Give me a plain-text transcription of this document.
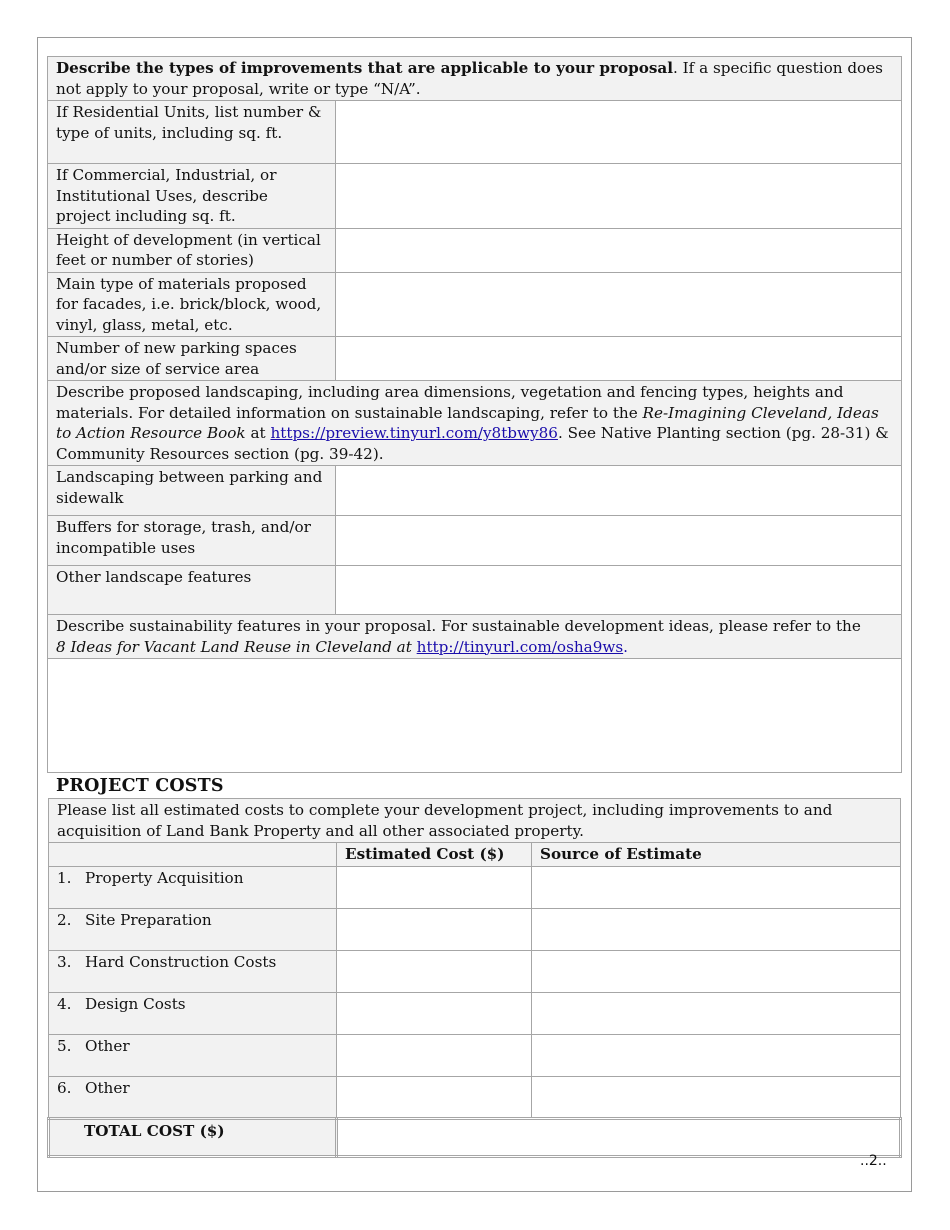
Describe the types of improvements that are applicable to your proposal. If a specific question does not apply to your proposal, write or type “N/A”.	
If Residential Units, list number & type of units, including sq. ft.	
If Commercial, Industrial, or Institutional Uses, describe project including sq. ft.	
Height of development (in vertical feet or number of stories)	
Main type of materials proposed for facades, i.e. brick/block, wood, vinyl, glass, metal, etc.	
Number of new parking spaces and/or size of service area	
Describe proposed landscaping, including area dimensions, vegetation and fencing types, heights and materials. For detailed information on sustainable landscaping, refer to the Re-Imagining Cleveland, Ideas to Action Resource Book at https://preview.tinyurl.com/y8tbwy86. See Native Planting section (pg. 28-31) & Community Resources section (pg. 39-42).	
Landscaping between parking and sidewalk	
Buffers for storage, trash, and/or incompatible uses	
Other landscape features	
Describe sustainability features in your proposal. For sustainable development ideas, please refer to the
8 Ideas for Vacant Land Reuse in Cleveland at http://tinyurl.com/osha9ws.	

PROJECT COSTS
Please list all estimated costs to complete your development project, including improvements to and acquisition of Land Bank Property and all other associated property.		
	Estimated Cost ($)	Source of Estimate
1. Property Acquisition		
2. Site Preparation		
3. Hard Construction Costs		
4. Design Costs		
5. Other		
6. Other		
TOTAL COST ($)		
..2..
